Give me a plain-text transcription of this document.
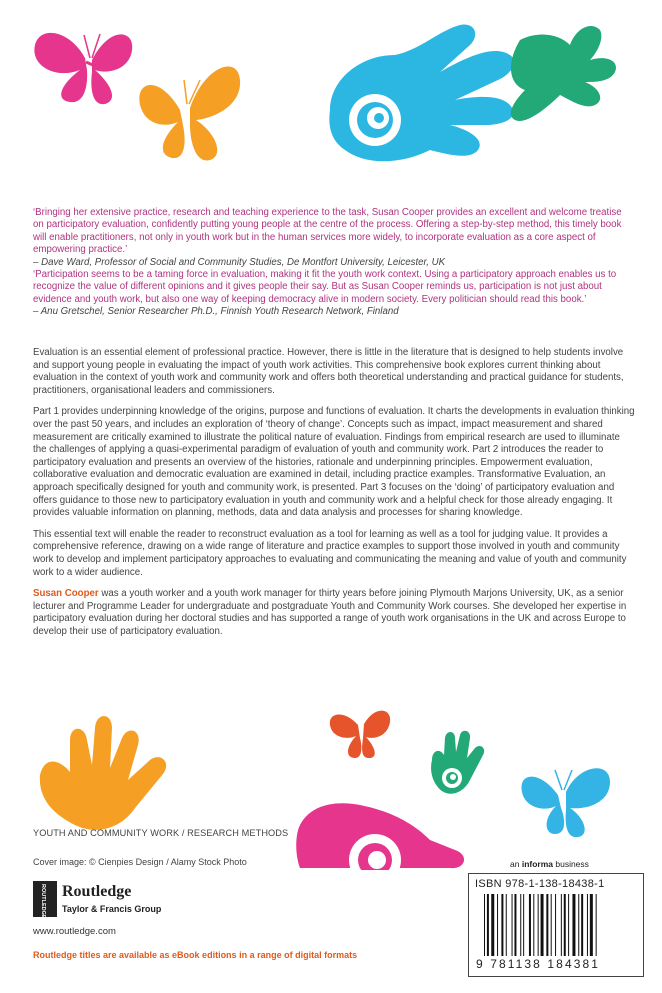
‘Bringing her extensive practice, research and teaching experience to the task, Susan Cooper provides an excellent and welcome treatise on participatory evaluation, confidently putting young people at the centre of the process. Offering a step-by-step method, this timely book will enable practitioners, not only in youth work but in the human services more widely, to incorporate evaluation as a core aspect of empowering practice.’
– Dave Ward, Professor of Social and Community Studies, De Montfort University, Leicester, UK
‘Participation seems to be a taming force in evaluation, making it fit the youth work context. Using a participatory approach enables us to recognize the value of different opinions and it gives people their say. But as Susan Cooper reminds us, participation is not just about evidence and youth work, but also one way of keeping democracy alive in modern society. Every politician should read this book.’
– Anu Gretschel, Senior Researcher Ph.D., Finnish Youth Research Network, Finland

Evaluation is an essential element of professional practice. However, there is little in the literature that is designed to help students involve and support young people in evaluating the impact of youth work activities. This comprehensive book explores current thinking about evaluation in the context of youth work and community work and offers both theoretical understanding and practical guidance for students, practitioners, organisational leaders and commissioners.

Part 1 provides underpinning knowledge of the origins, purpose and functions of evaluation. It charts the developments in evaluation thinking over the past 50 years, and includes an exploration of ‘theory of change’. Concepts such as impact, impact measurement and shared measurement are critically examined to illustrate the political nature of evaluation. Findings from empirical research are used to illuminate the challenges of applying a quasi-experimental paradigm of evaluation of youth and community work. Part 2 introduces the reader to participatory evaluation and presents an overview of the histories, rationale and underpinning principles. Empowerment evaluation, collaborative evaluation and democratic evaluation are examined in detail, including practice examples. Transformative Evaluation, an approach specifically designed for youth and community work, is presented. Part 3 focuses on the ‘doing’ of participatory evaluation and offers guidance to those new to participatory evaluation in youth and community work and a helpful check for those already engaging. It provides valuable information on planning, methods, data and data analysis and processes for sharing knowledge.

This essential text will enable the reader to reconstruct evaluation as a tool for learning as well as a tool for judging value. It provides a comprehensive reference, drawing on a wide range of literature and practice examples to support those involved in youth and community work to develop and implement participatory approaches to evaluating and communicating the meaning and value of youth and community work to a wider audience.

Susan Cooper was a youth worker and a youth work manager for thirty years before joining Plymouth Marjons University, UK, as a senior lecturer and Programme Leader for undergraduate and postgraduate Youth and Community Work courses. She developed her expertise in participatory evaluation during her doctoral studies and has supported a range of youth work organisations in the UK and across Europe to develop their use of participatory evaluation.

YOUTH AND COMMUNITY WORK / RESEARCH METHODS
Cover image: © Cienpies Design / Alamy Stock Photo
ROUTLEDGE Routledge
Taylor & Francis Group
www.routledge.com
Routledge titles are available as eBook editions in a range of digital formats
an informa business
ISBN 978-1-138-18438-1
9 781138 184381
